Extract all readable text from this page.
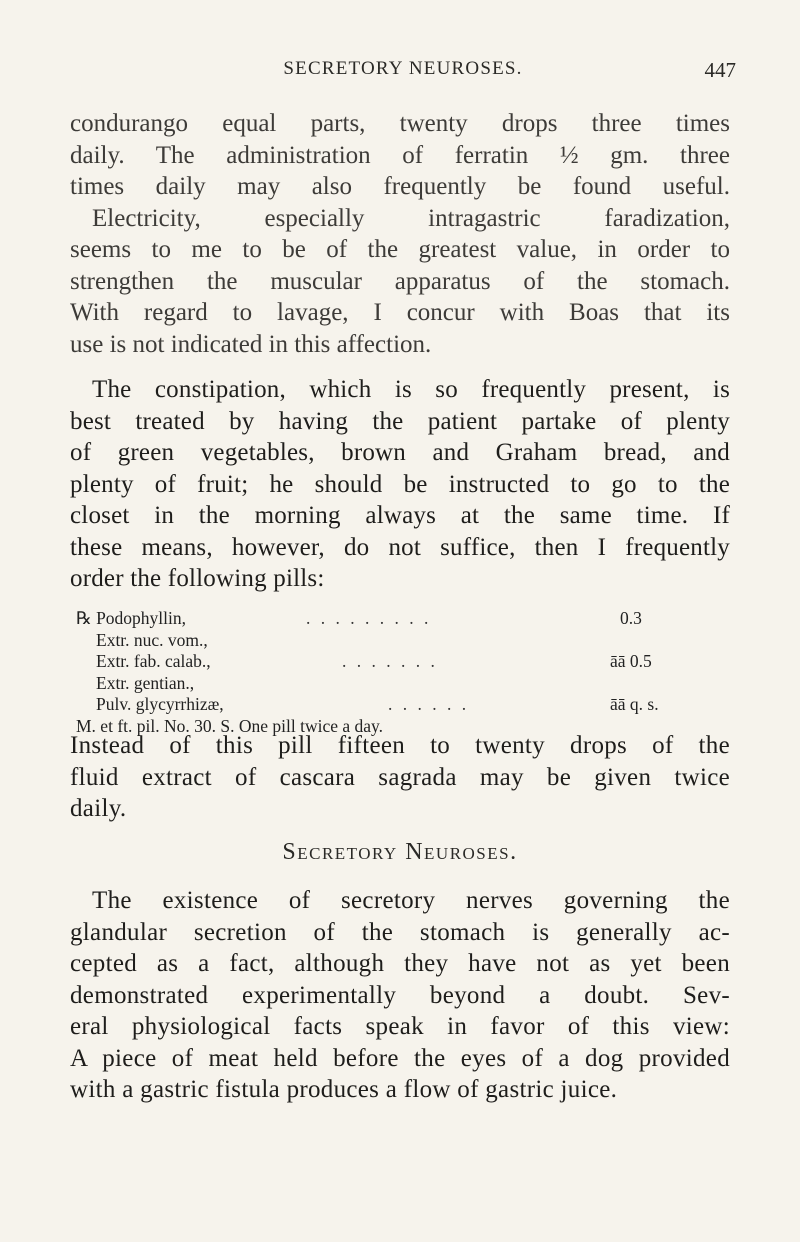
SECRETORY NEUROSES.	447
condurango equal parts, twenty drops three times
daily. The administration of ferratin ½ gm. three
times daily may also frequently be found useful.
Electricity, especially intragastric faradization,
seems to me to be of the greatest value, in order to
strengthen the muscular apparatus of the stomach.
With regard to lavage, I concur with Boas that its
use is not indicated in this affection.
The constipation, which is so frequently present, is
best treated by having the patient partake of plenty
of green vegetables, brown and Graham bread, and
plenty of fruit; he should be instructed to go to the
closet in the morning always at the same time. If
these means, however, do not suffice, then I frequently
order the following pills:
℞ Podophyllin,	. . . . . . . . .	0.3
Extr. nuc. vom.,
Extr. fab. calab.,	. . . . . . .	āā 0.5
Extr. gentian.,
Pulv. glycyrrhizæ,	. . . . . .	āā q. s.
M. et ft. pil. No. 30. S. One pill twice a day.
Instead of this pill fifteen to twenty drops of the
fluid extract of cascara sagrada may be given twice
daily.
Secretory Neuroses.
The existence of secretory nerves governing the
glandular secretion of the stomach is generally ac-
cepted as a fact, although they have not as yet been
demonstrated experimentally beyond a doubt. Sev-
eral physiological facts speak in favor of this view:
A piece of meat held before the eyes of a dog provided
with a gastric fistula produces a flow of gastric juice.
